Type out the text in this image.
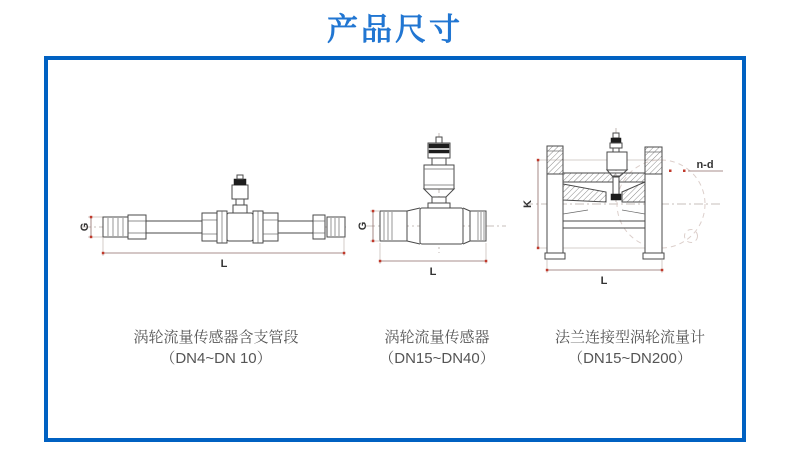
产品尺寸
G
L
G
L
n-d
K
L
涡轮流量传感器含支管段
（DN4~DN 10）
涡轮流量传感器
（DN15~DN40）
法兰连接型涡轮流量计
（DN15~DN200）
